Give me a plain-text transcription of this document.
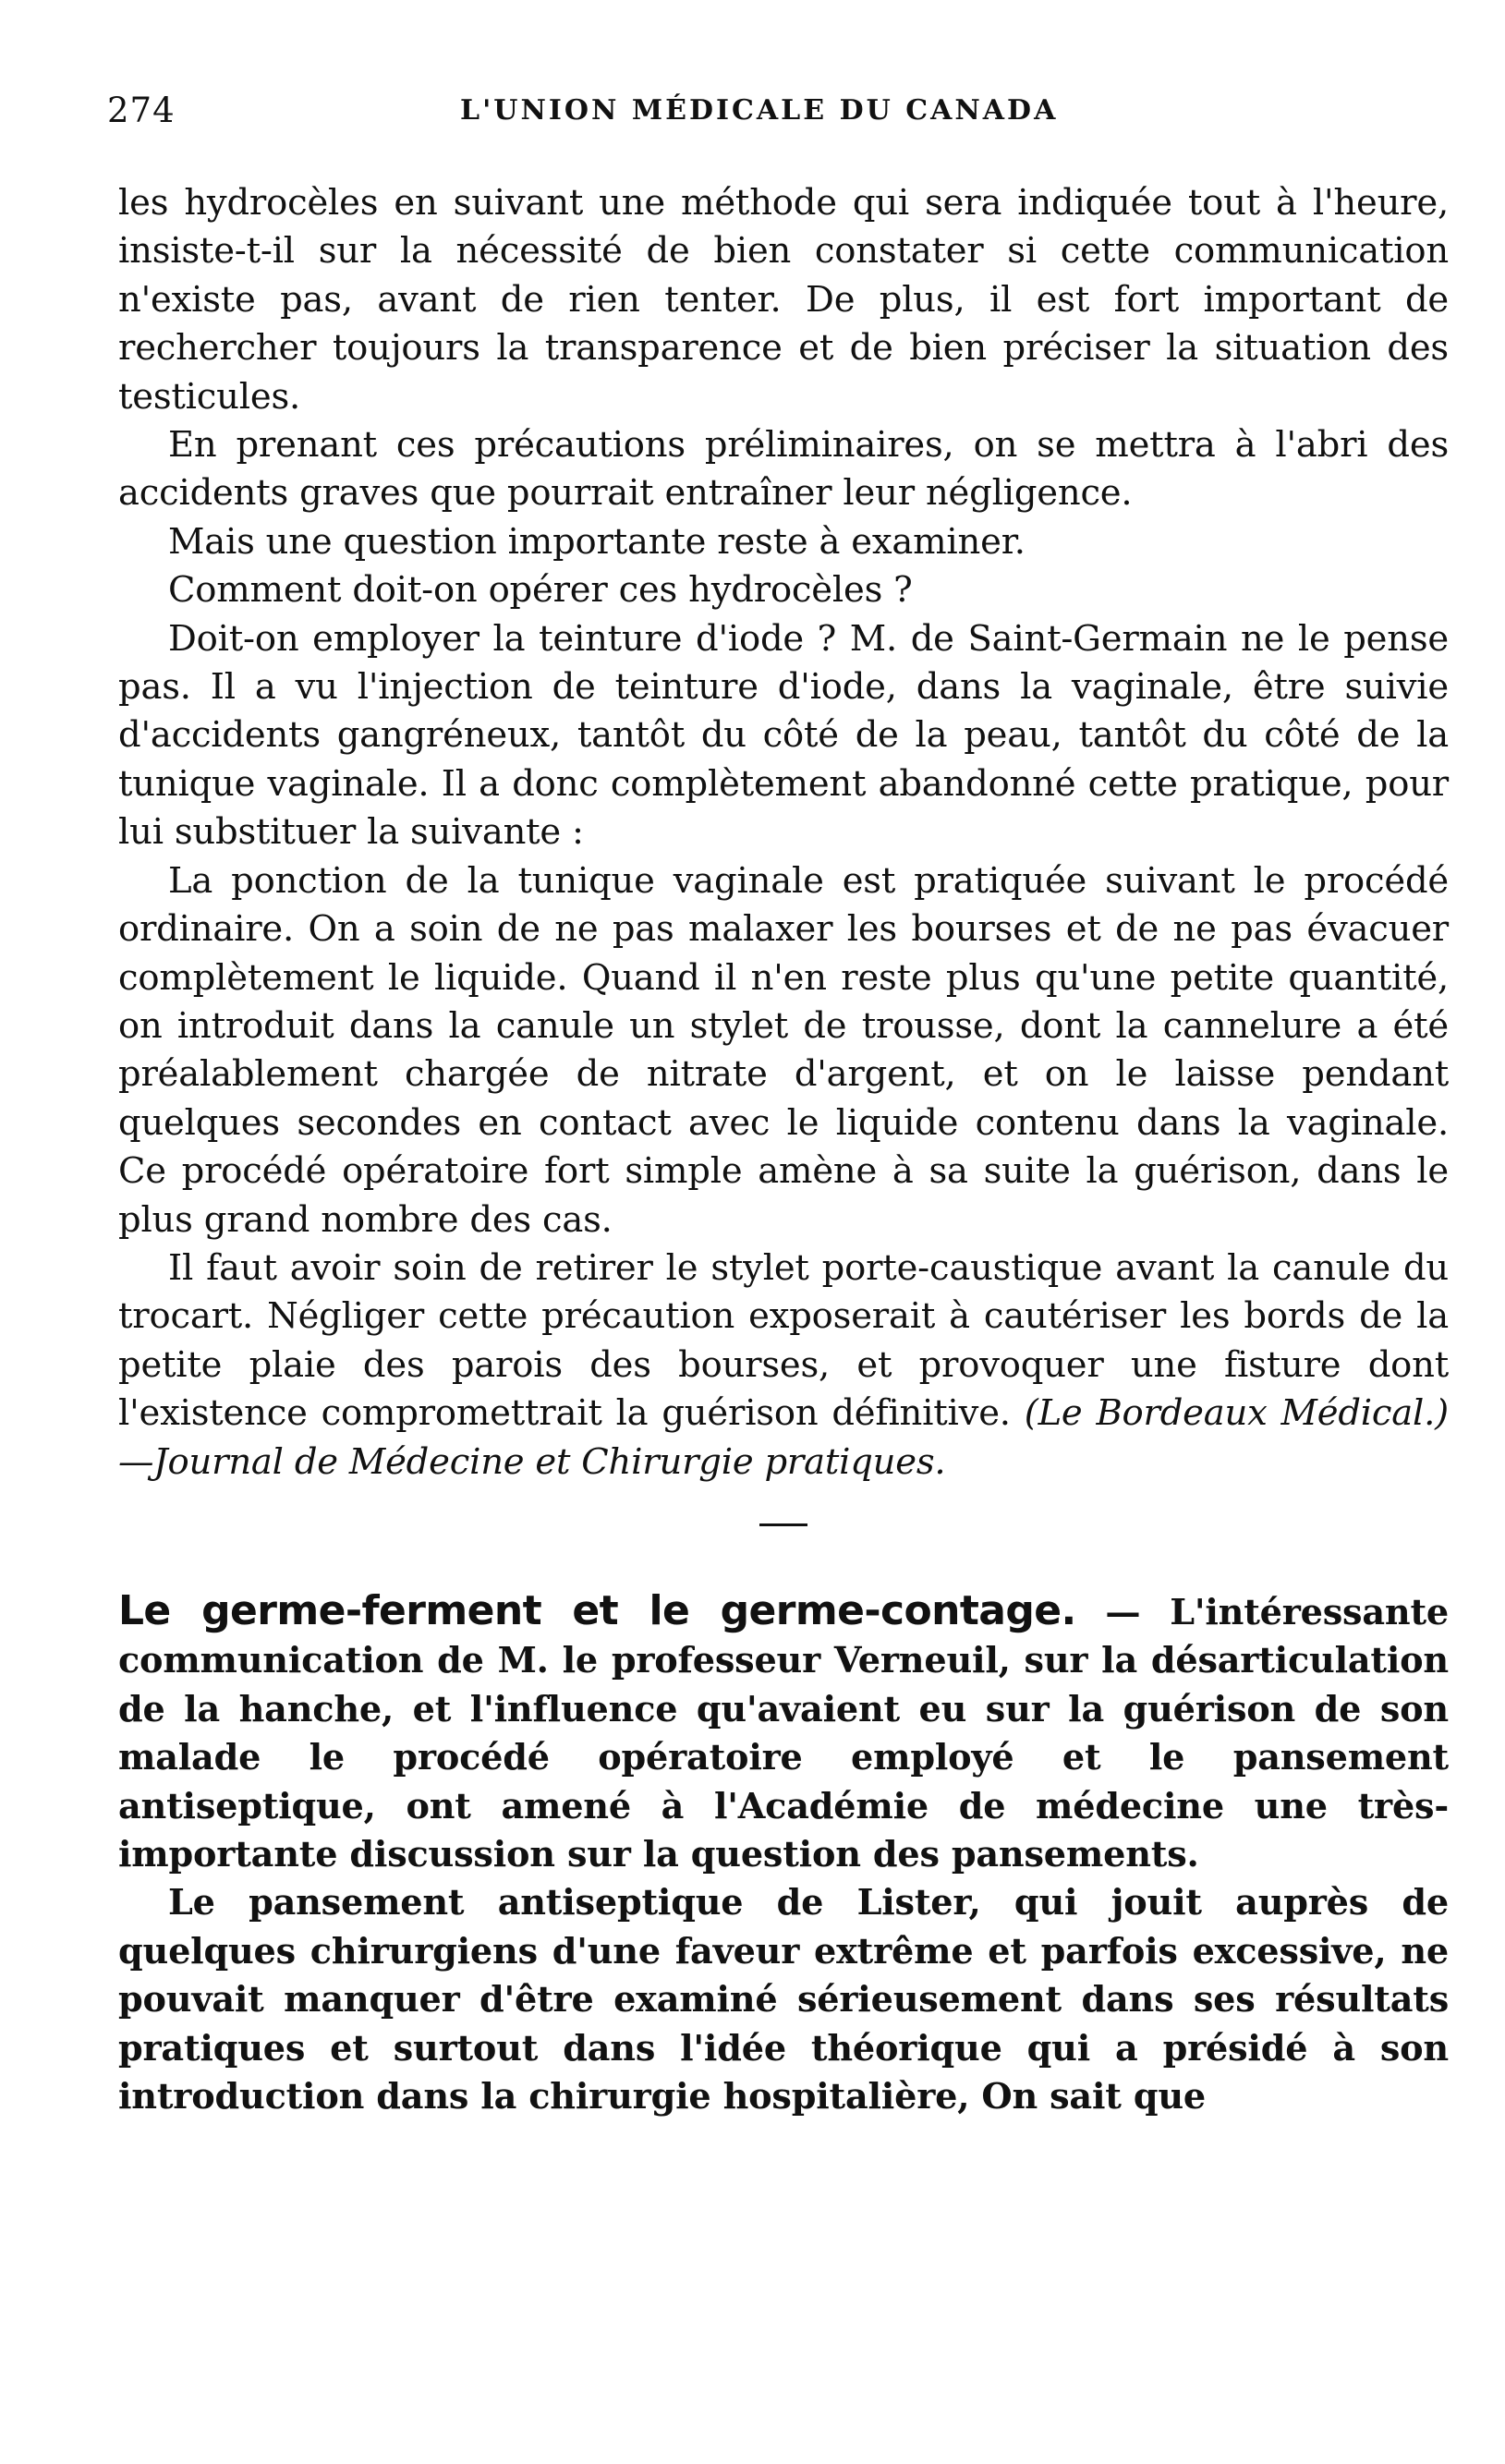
274	L'UNION MÉDICALE DU CANADA

les hydrocèles en suivant une méthode qui sera indiquée tout à l'heure, insiste-t-il sur la nécessité de bien constater si cette communication n'existe pas, avant de rien tenter. De plus, il est fort important de rechercher toujours la transparence et de bien préciser la situation des testicules.

En prenant ces précautions préliminaires, on se mettra à l'abri des accidents graves que pourrait entraîner leur négligence.

Mais une question importante reste à examiner.

Comment doit-on opérer ces hydrocèles ?

Doit-on employer la teinture d'iode ? M. de Saint-Germain ne le pense pas. Il a vu l'injection de teinture d'iode, dans la vaginale, être suivie d'accidents gangréneux, tantôt du côté de la peau, tantôt du côté de la tunique vaginale. Il a donc complètement abandonné cette pratique, pour lui substituer la suivante :

La ponction de la tunique vaginale est pratiquée suivant le procédé ordinaire. On a soin de ne pas malaxer les bourses et de ne pas évacuer complètement le liquide. Quand il n'en reste plus qu'une petite quantité, on introduit dans la canule un stylet de trousse, dont la cannelure a été préalablement chargée de nitrate d'argent, et on le laisse pendant quelques secondes en contact avec le liquide contenu dans la vaginale. Ce procédé opératoire fort simple amène à sa suite la guérison, dans le plus grand nombre des cas.

Il faut avoir soin de retirer le stylet porte-caustique avant la canule du trocart. Négliger cette précaution exposerait à cautériser les bords de la petite plaie des parois des bourses, et provoquer une fisture dont l'existence compromettrait la guérison définitive. (Le Bordeaux Médical.)—Journal de Médecine et Chirurgie pratiques.

Le germe-ferment et le germe-contage. — L'intéressante communication de M. le professeur Verneuil, sur la désarticulation de la hanche, et l'influence qu'avaient eu sur la guérison de son malade le procédé opératoire employé et le pansement antiseptique, ont amené à l'Académie de médecine une très-importante discussion sur la question des pansements.

Le pansement antiseptique de Lister, qui jouit auprès de quelques chirurgiens d'une faveur extrême et parfois excessive, ne pouvait manquer d'être examiné sérieusement dans ses résultats pratiques et surtout dans l'idée théorique qui a présidé à son introduction dans la chirurgie hospitalière, On sait que
